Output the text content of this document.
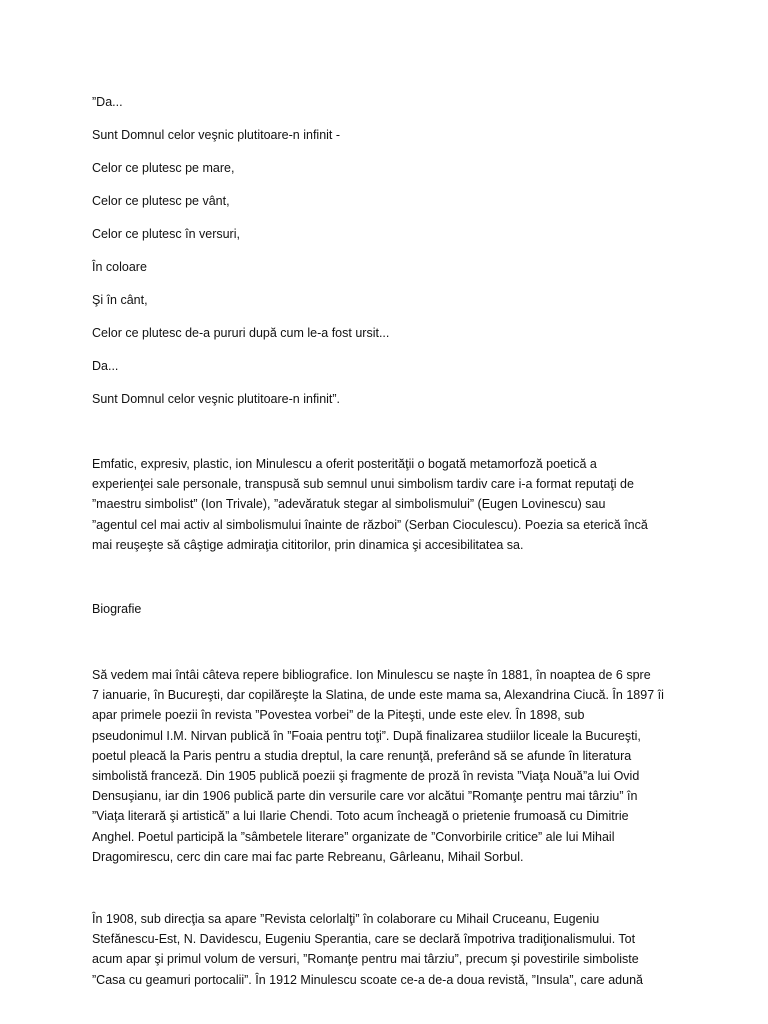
”Da...
Sunt Domnul celor veşnic plutitoare-n infinit -
Celor ce plutesc pe mare,
Celor ce plutesc pe vânt,
Celor ce plutesc în versuri,
În coloare
Şi în cânt,
Celor ce plutesc de-a pururi după cum le-a fost ursit...
Da...
Sunt Domnul celor veşnic plutitoare-n infinit”.
Emfatic, expresiv, plastic, ion Minulescu a oferit posterităţii o bogată metamorfoză poetică a
experienţei sale personale, transpusă sub semnul unui simbolism tardiv care i-a format reputaţi de
”maestru simbolist” (Ion Trivale), ”adevăratuk stegar al simbolismului” (Eugen Lovinescu) sau
”agentul cel mai activ al simbolismului înainte de război” (Serban Cioculescu). Poezia sa eterică încă
mai reuşeşte să câştige admiraţia cititorilor, prin dinamica şi accesibilitatea sa.
Biografie
Să vedem mai întâi câteva repere bibliografice. Ion Minulescu se naşte în 1881, în noaptea de 6 spre
7 ianuarie, în Bucureşti, dar copilăreşte la Slatina, de unde este mama sa, Alexandrina Ciucă. În 1897 îi
apar primele poezii în revista ”Povestea vorbei” de la Piteşti, unde este elev. În 1898, sub
pseudonimul I.M. Nirvan publică în ”Foaia pentru toţi”. După finalizarea studiilor liceale la Bucureşti,
poetul pleacă la Paris pentru a studia dreptul, la care renunţă, preferând să se afunde în literatura
simbolistă franceză. Din 1905 publică poezii şi fragmente de proză în revista ”Viaţa Nouă”a lui Ovid
Densuşianu, iar din 1906 publică parte din versurile care vor alcătui ”Romanţe pentru mai târziu” în
”Viaţa literară şi artistică” a lui Ilarie Chendi. Toto acum încheagă o prietenie frumoasă cu Dimitrie
Anghel. Poetul participă la ”sâmbetele literare” organizate de ”Convorbirile critice” ale lui Mihail
Dragomirescu, cerc din care mai fac parte Rebreanu, Gârleanu, Mihail Sorbul.
În 1908, sub direcţia sa apare ”Revista celorlalţi” în colaborare cu Mihail Cruceanu, Eugeniu
Stefănescu-Est, N. Davidescu, Eugeniu Sperantia, care se declară împotriva tradiţionalismului. Tot
acum apar şi primul volum de versuri, ”Romanţe pentru mai târziu”, precum şi povestirile simboliste
”Casa cu geamuri portocalii”. În 1912 Minulescu scoate ce-a de-a doua revistă, ”Insula”, care adună
